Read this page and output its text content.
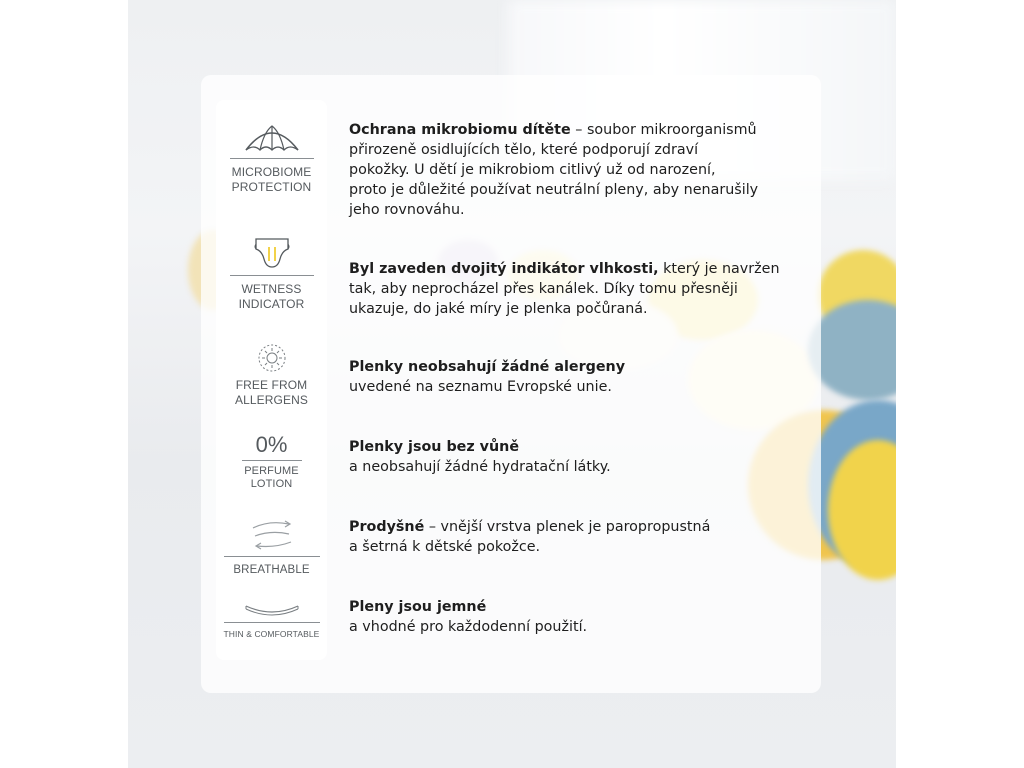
MICROBIOME
PROTECTION
WETNESS
INDICATOR
FREE FROM
ALLERGENS
0%
PERFUME
LOTION
BREATHABLE
THIN & COMFORTABLE
Ochrana mikrobiomu dítěte – soubor mikroorganismů
přirozeně osidlujících tělo, které podporují zdraví
pokožky. U dětí je mikrobiom citlivý už od narození,
proto je důležité používat neutrální pleny, aby nenarušily
jeho rovnováhu.
Byl zaveden dvojitý indikátor vlhkosti, který je navržen
tak, aby neprocházel přes kanálek. Díky tomu přesněji
ukazuje, do jaké míry je plenka počůraná.
Plenky neobsahují žádné alergeny
uvedené na seznamu Evropské unie.
Plenky jsou bez vůně
a neobsahují žádné hydratační látky.
Prodyšné – vnější vrstva plenek je paropropustná
a šetrná k dětské pokožce.
Pleny jsou jemné
a vhodné pro každodenní použití.
